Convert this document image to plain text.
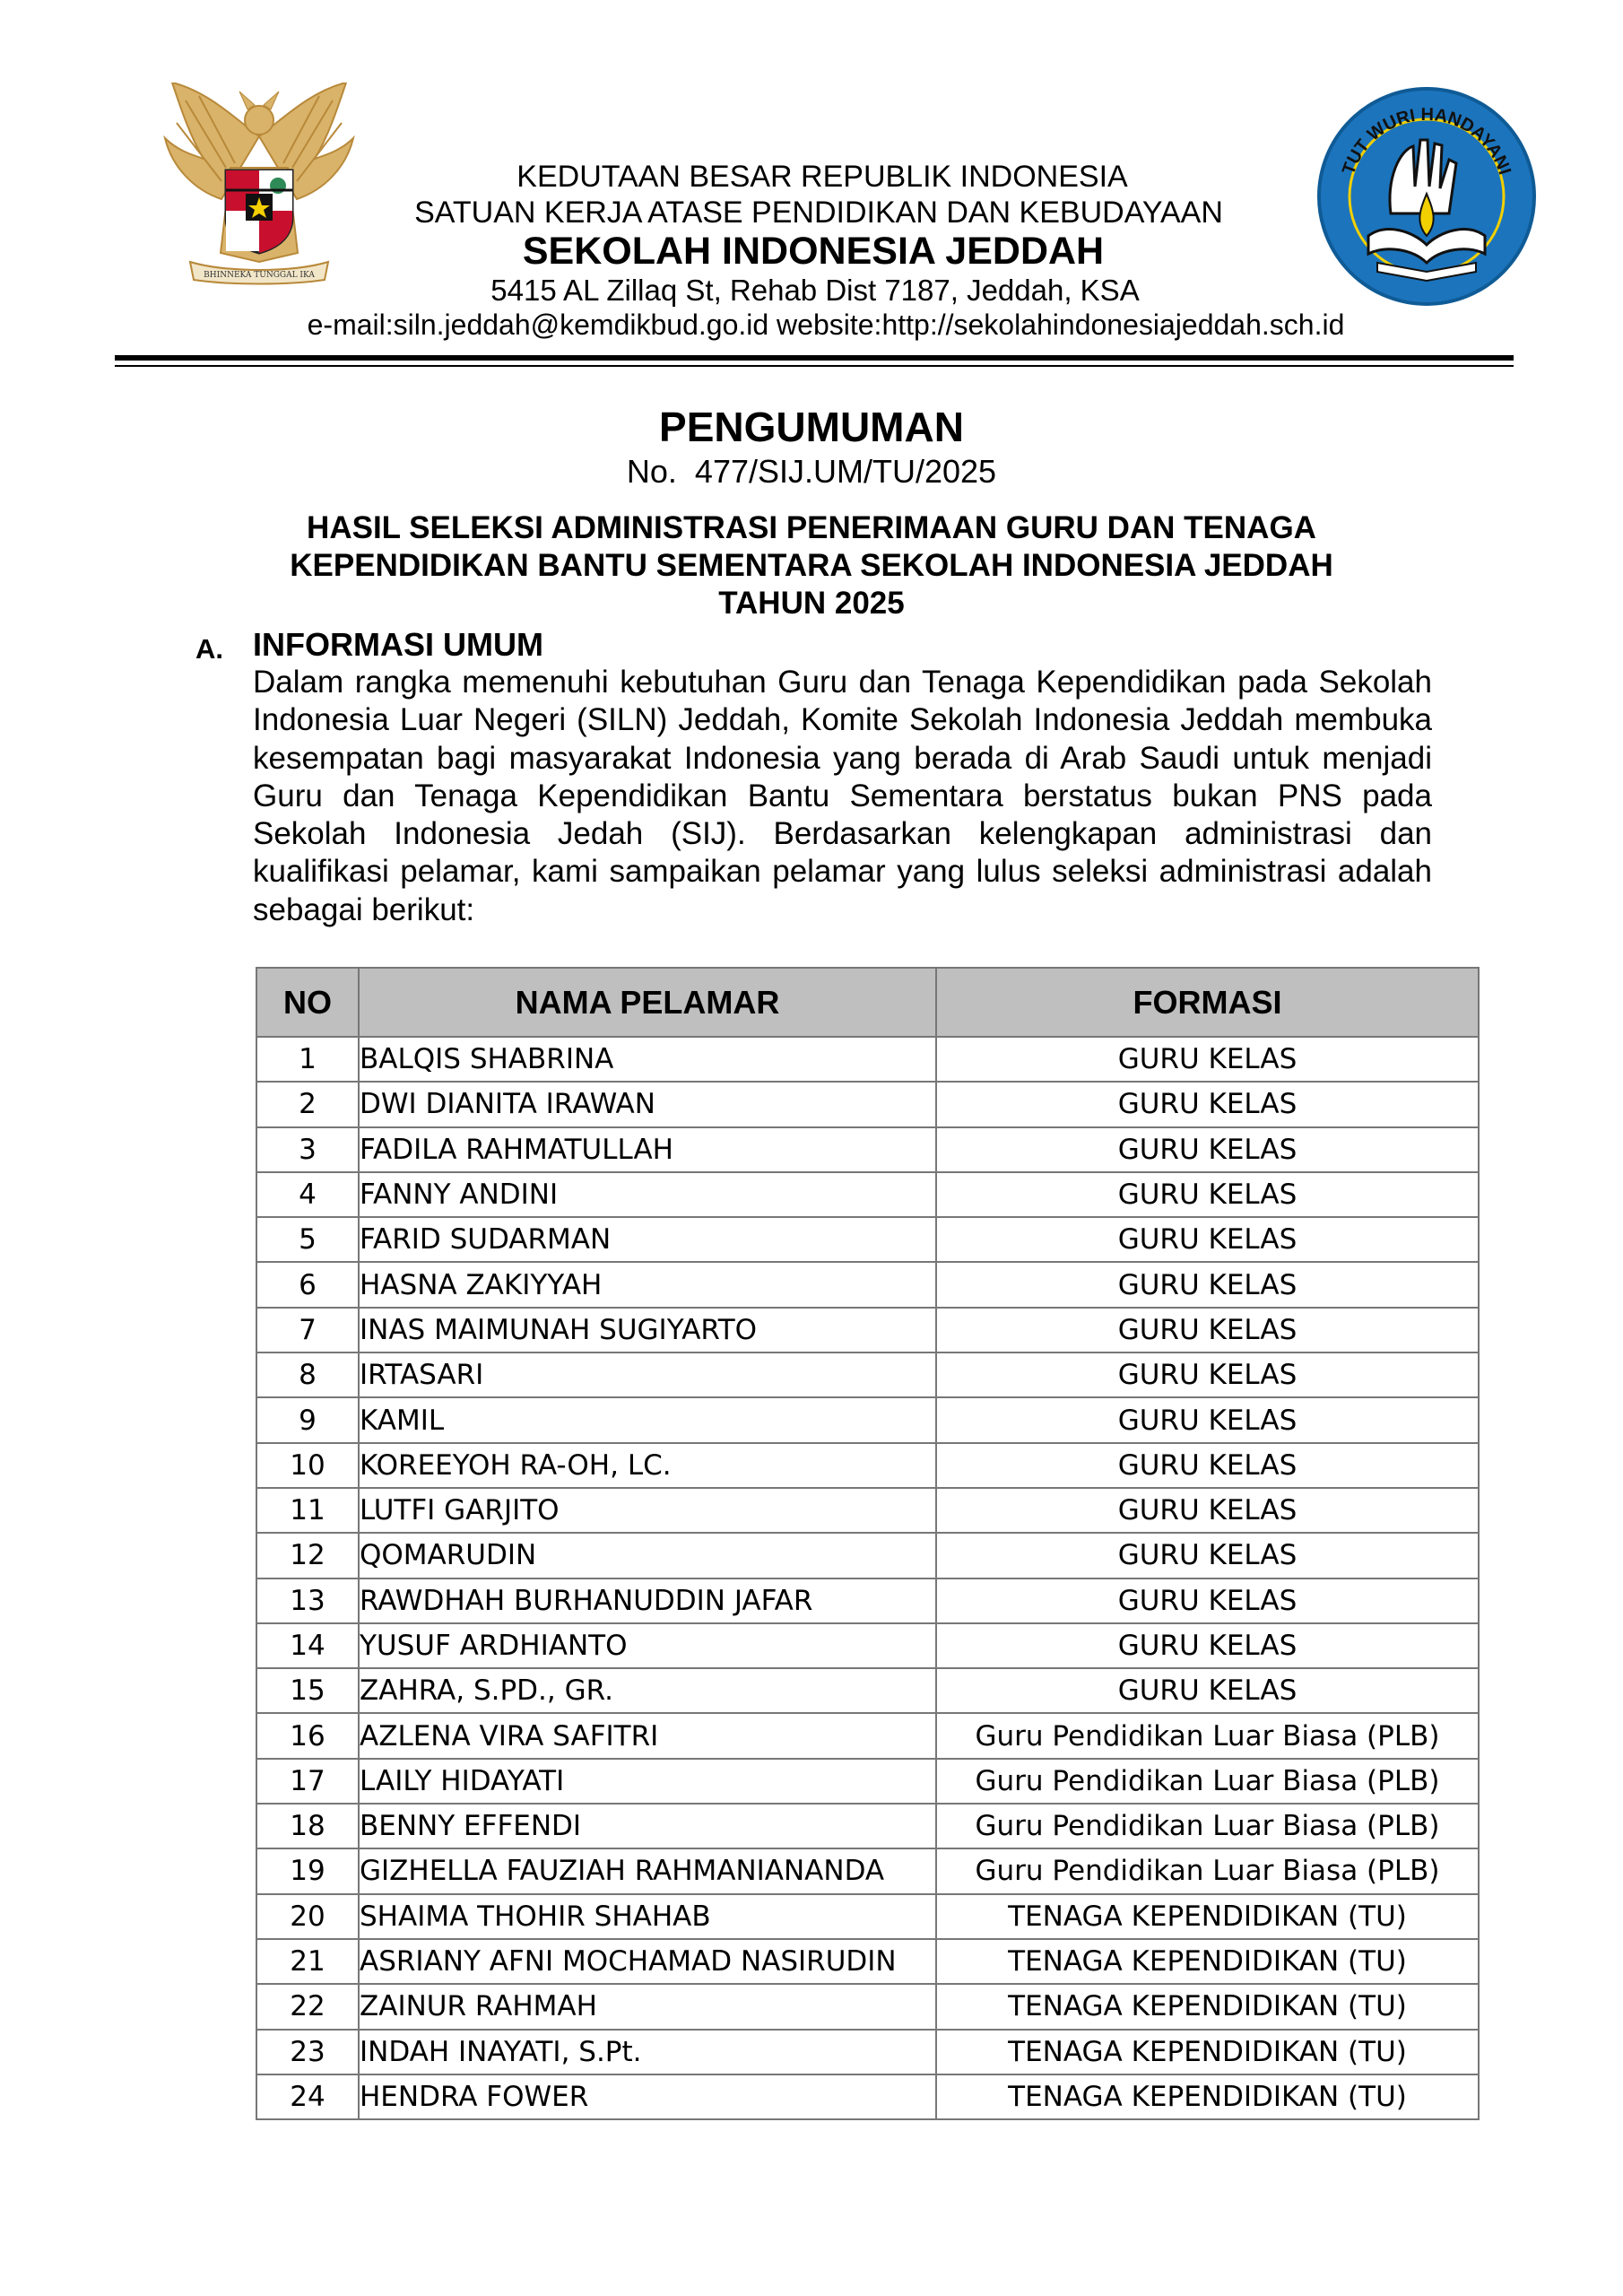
BHINNEKA TUNGGAL IKA
TUT WURI HANDAYANI
KEDUTAAN BESAR REPUBLIK INDONESIA
SATUAN KERJA ATASE PENDIDIKAN DAN KEBUDAYAAN
SEKOLAH INDONESIA JEDDAH
5415 AL Zillaq St, Rehab Dist 7187, Jeddah, KSA
e-mail:siln.jeddah@kemdikbud.go.id website:http://sekolahindonesiajeddah.sch.id
PENGUMUMAN
No.  477/SIJ.UM/TU/2025
HASIL SELEKSI ADMINISTRASI PENERIMAAN GURU DAN TENAGA
KEPENDIDIKAN BANTU SEMENTARA SEKOLAH INDONESIA JEDDAH
TAHUN 2025
A. INFORMASI UMUM
Dalam rangka memenuhi kebutuhan Guru dan Tenaga Kependidikan pada Sekolah Indonesia Luar Negeri (SILN) Jeddah, Komite Sekolah Indonesia Jeddah membuka kesempatan bagi masyarakat Indonesia yang berada di Arab Saudi untuk menjadi Guru dan Tenaga Kependidikan Bantu Sementara berstatus bukan PNS pada Sekolah Indonesia Jedah (SIJ). Berdasarkan kelengkapan administrasi dan kualifikasi pelamar, kami sampaikan pelamar yang lulus seleksi administrasi adalah sebagai berikut:
NO	NAMA PELAMAR	FORMASI
1	BALQIS SHABRINA	GURU KELAS
2	DWI DIANITA IRAWAN	GURU KELAS
3	FADILA RAHMATULLAH	GURU KELAS
4	FANNY ANDINI	GURU KELAS
5	FARID SUDARMAN	GURU KELAS
6	HASNA ZAKIYYAH	GURU KELAS
7	INAS MAIMUNAH SUGIYARTO	GURU KELAS
8	IRTASARI	GURU KELAS
9	KAMIL	GURU KELAS
10	KOREEYOH RA-OH, LC.	GURU KELAS
11	LUTFI GARJITO	GURU KELAS
12	QOMARUDIN	GURU KELAS
13	RAWDHAH BURHANUDDIN JAFAR	GURU KELAS
14	YUSUF ARDHIANTO	GURU KELAS
15	ZAHRA, S.PD., GR.	GURU KELAS
16	AZLENA VIRA SAFITRI	Guru Pendidikan Luar Biasa (PLB)
17	LAILY HIDAYATI	Guru Pendidikan Luar Biasa (PLB)
18	BENNY EFFENDI	Guru Pendidikan Luar Biasa (PLB)
19	GIZHELLA FAUZIAH RAHMANIANANDA	Guru Pendidikan Luar Biasa (PLB)
20	SHAIMA THOHIR SHAHAB	TENAGA KEPENDIDIKAN (TU)
21	ASRIANY AFNI MOCHAMAD NASIRUDIN	TENAGA KEPENDIDIKAN (TU)
22	ZAINUR RAHMAH	TENAGA KEPENDIDIKAN (TU)
23	INDAH INAYATI, S.Pt.	TENAGA KEPENDIDIKAN (TU)
24	HENDRA FOWER	TENAGA KEPENDIDIKAN (TU)
